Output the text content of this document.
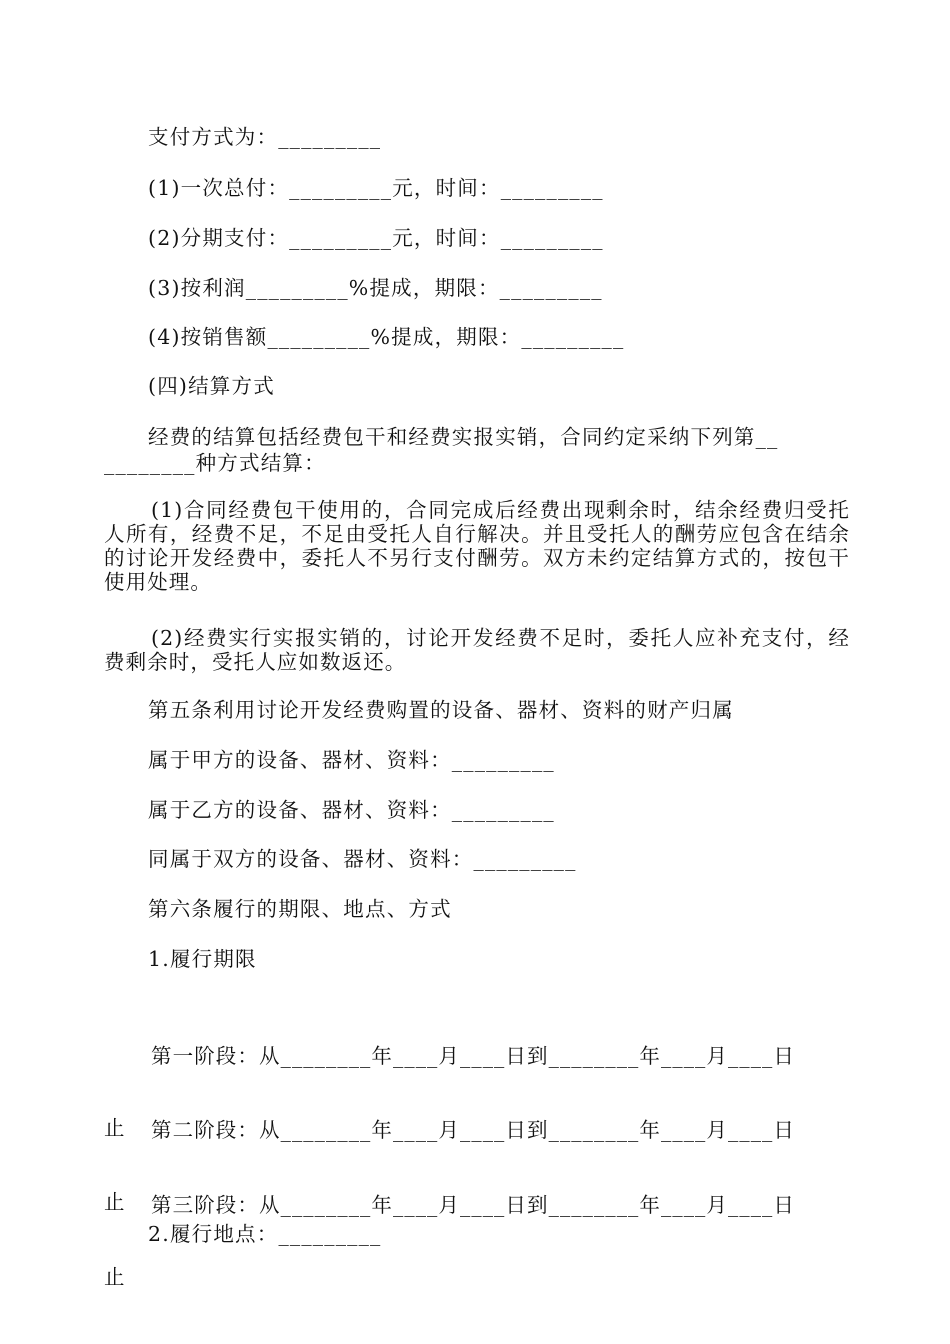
支付方式为：_________

(1)一次总付：_________元，时间：_________

(2)分期支付：_________元，时间：_________

(3)按利润_________%提成，期限：_________

(4)按销售额_________%提成，期限：_________

(四)结算方式

经费的结算包括经费包干和经费实报实销，合同约定采纳下列第__

________种方式结算：

(1)合同经费包干使用的，合同完成后经费出现剩余时，结余经费归受托人所有，经费不足，不足由受托人自行解决。并且受托人的酬劳应包含在结余的讨论开发经费中，委托人不另行支付酬劳。双方未约定结算方式的，按包干使用处理。

(2)经费实行实报实销的，讨论开发经费不足时，委托人应补充支付，经费剩余时，受托人应如数返还。

第五条利用讨论开发经费购置的设备、器材、资料的财产归属

属于甲方的设备、器材、资料：_________

属于乙方的设备、器材、资料：_________

同属于双方的设备、器材、资料：_________

第六条履行的期限、地点、方式

1.履行期限

第一阶段：从________年____月____日到________年____月____日

止

	第二阶段：从________年____月____日到________年____月____日

止

	第三阶段：从________年____月____日到________年____月____日

止

2.履行地点：_________
